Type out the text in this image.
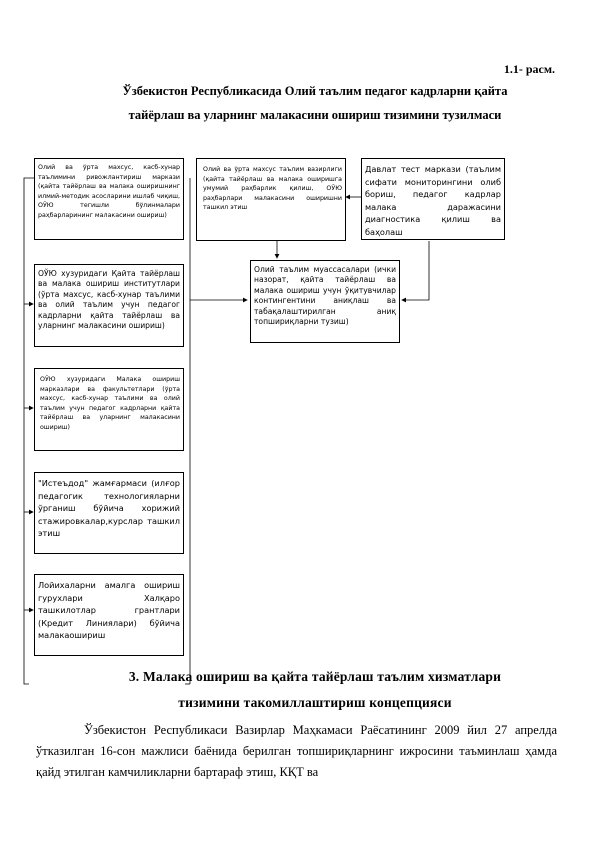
1.1- расм.
Ўзбекистон Республикасида Олий таълим педагог кадрларни қайта
тайёрлаш ва уларнинг малакасини ошириш тизимини тузилмаси

Олий ва ўрта махсус, касб-хунар таълимини ривожлантириш маркази (қайта тайёрлаш ва малака оширишнинг илмий-методик асосларини ишлаб чиқиш, ОЎЮ тегишли бўлинмалари раҳбарларининг малакасини ошириш)

Олий ва ўрта махсус таълим вазирлиги (қайта тайёрлаш ва малака оширишга умумий раҳбарлик қилиш, ОЎЮ раҳбарлари малакасини оширишни ташкил этиш

Давлат тест маркази (таълим сифати мониторингини олиб бориш, педагог кадрлар малака даражасини диагностика қилиш ва баҳолаш

ОЎЮ хузуридаги Қайта тайёрлаш ва малака ошириш институтлари (ўрта махсус, касб-хунар таълими ва олий таълим учун педагог кадрларни қайта тайёрлаш ва уларнинг малакасини ошириш)

Олий таълим муассасалари (ички назорат, қайта тайёрлаш ва малака ошириш учун ўқитувчилар контингентини аниқлаш ва табақалаштирилган аниқ топшириқларни тузиш)

ОЎЮ хузуридаги Малака ошириш марказлари ва факультетлари (ўрта махсус, касб-хунар таълими ва олий таълим учун педагог кадрларни қайта тайёрлаш ва уларнинг малакасини ошириш)

"Истеъдод" жамғармаси (илғор педагогик технологияларни ўрганиш бўйича хорижий стажировкалар,курслар ташкил этиш

Лойихаларни амалга ошириш гурухлари Халқаро ташкилотлар грантлари (Кредит Линиялари) бўйича малакаошириш

3. Малака ошириш ва қайта тайёрлаш таълим хизматлари
тизимини такомиллаштириш концепцияси

Ўзбекистон Республикаси Вазирлар Маҳкамаси Раёсатининг 2009 йил 27 апрелда ўтказилган 16-сон мажлиси баёнида берилган топшириқларнинг ижросини таъминлаш ҳамда қайд этилган камчиликларни бартараф этиш, КҚТ ва
